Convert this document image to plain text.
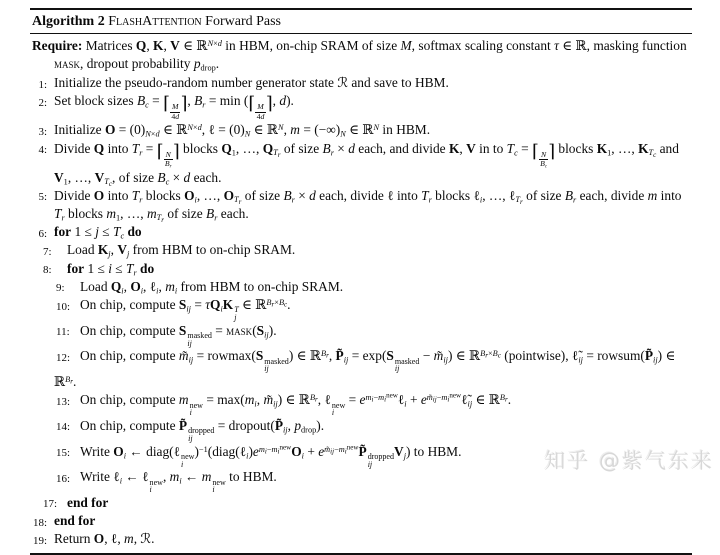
Algorithm 2 FlashAttention Forward Pass
Require: Matrices Q, K, V ∈ ℝ$^{N\times d}$ in HBM, on-chip SRAM of size M, softmax scaling constant τ ∈ ℝ, masking function mask, dropout probability $p_{drop}$.
1: Initialize the pseudo-random number generator state ℛ and save to HBM.
2: Set block sizes $B_c$ = ⌈ $\frac{M}{4d}$ ⌉, $B_r = \min$ (⌈ $\frac{M}{4d}$ ⌉, d).
3: Initialize $O = (0)_{N\times d}$ ∈ ℝ$^{N\times d}$, ℓ = $(0)_N$ ∈ ℝ$^N$, $m = (-\infty)_N$ ∈ ℝ$^N$ in HBM.
4: Divide Q into $T_r$ = ⌈ $\frac{N}{B_r}$ ⌉ blocks $Q_1$, …, $Q_{T_r}$ of size $B_r \times d$ each, and divide K, V in to $T_c$ = ⌈ $\frac{N}{B_c}$ ⌉ blocks $K_1$, …, $K_{T_c}$ and $V_1$, …, $V_{T_c}$, of size $B_c \times d$ each.
5: Divide O into $T_r$ blocks $O_i$, …, $O_{T_r}$ of size $B_r \times d$ each, divide ℓ into $T_r$ blocks ℓ$_i$, …, ℓ$_{T_r}$ of size $B_r$ each, divide m into $T_r$ blocks $m_1$, …, $m_{T_r}$ of size $B_r$ each.
6: for $1 \le j \le T_c$ do
7: Load $K_j$, $V_j$ from HBM to on-chip SRAM.
8: for $1 \le i \le T_r$ do
9: Load $Q_i$, $O_i$, ℓ$_i$, $m_i$ from HBM to on-chip SRAM.
10: On chip, compute $S_{ij} = \tau Q_iK$ T
j
∈ ℝ$^{B_r\times B_c}$.
11: On chip, compute S masked
ij
= $mask(S_{ij})$.
12: On chip, compute $m̃_{ij} = rowmax(S$ masked
ij
) ∈ ℝ$^{B_r}$, $P̃_{ij} = \exp(S$ masked
ij
− $m̃_{ij}$) ∈ ℝ$^{B_r\times B_c}$ (pointwise), $\ell̃_{ij}$ = $rowsum(P̃_{ij})$ ∈ ℝ$^{B_r}$.
13: On chip, compute m new
i
= $\max(m_i$, $m̃_{ij}$) ∈ ℝ$^{B_r}$, ℓ new
i
= $e^{m_i-m_i^{new}}\ell_i$ + $e^{m̃_{ij}-m_i^{new}}\ell̃_{ij}$ ∈ ℝ$^{B_r}$.
14: On chip, compute P̃ dropped
ij
= $dropout(P̃_{ij}$, $p_{drop}$).
15: Write $O_i$ ← diag(ℓ new
i
)$^{-1}(diag(\ell_i)e^{m_i-m_i^{new}}O_i$ + $e^{m̃_{ij}-m_i^{new}}P̃$ dropped
ij
$V_j$) to HBM.
16: Write ℓ$_i$ ← ℓ new
i
, $m_i$ ← m new
i
to HBM.
17: end for
18: end for
19: Return O, ℓ, m, ℛ.
知乎 @紫气东来
